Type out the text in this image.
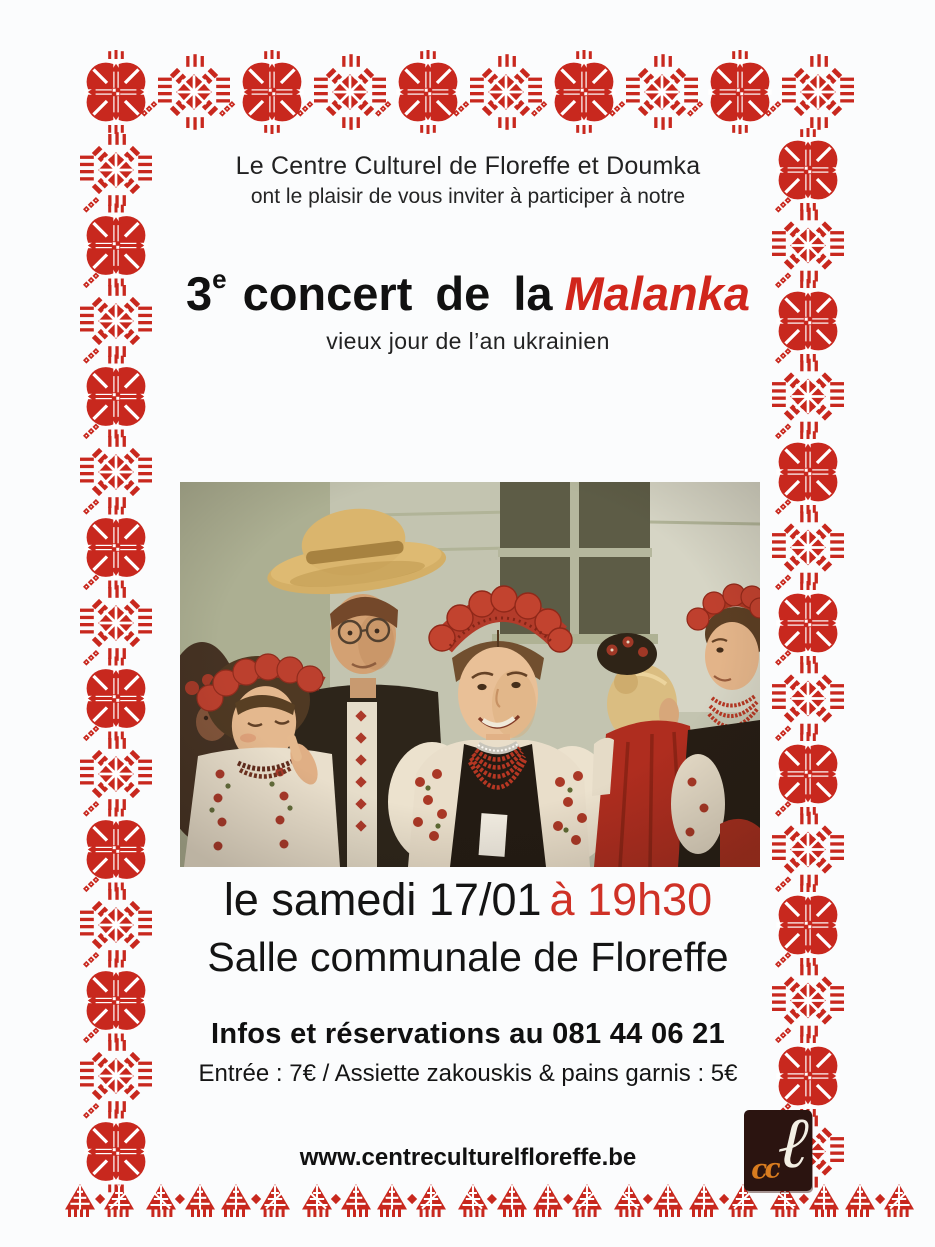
Le Centre Culturel de Floreffe et Doumka
ont le plaisir de vous inviter à participer à notre
3e concert de la Malanka
vieux jour de l’an ukrainien
le samedi 17/01 à 19h30
Salle communale de Floreffe
Infos et réservations au 081 44 06 21
Entrée : 7€ / Assiette zakouskis & pains garnis : 5€
www.centreculturelfloreffe.be	cc
ℓ
